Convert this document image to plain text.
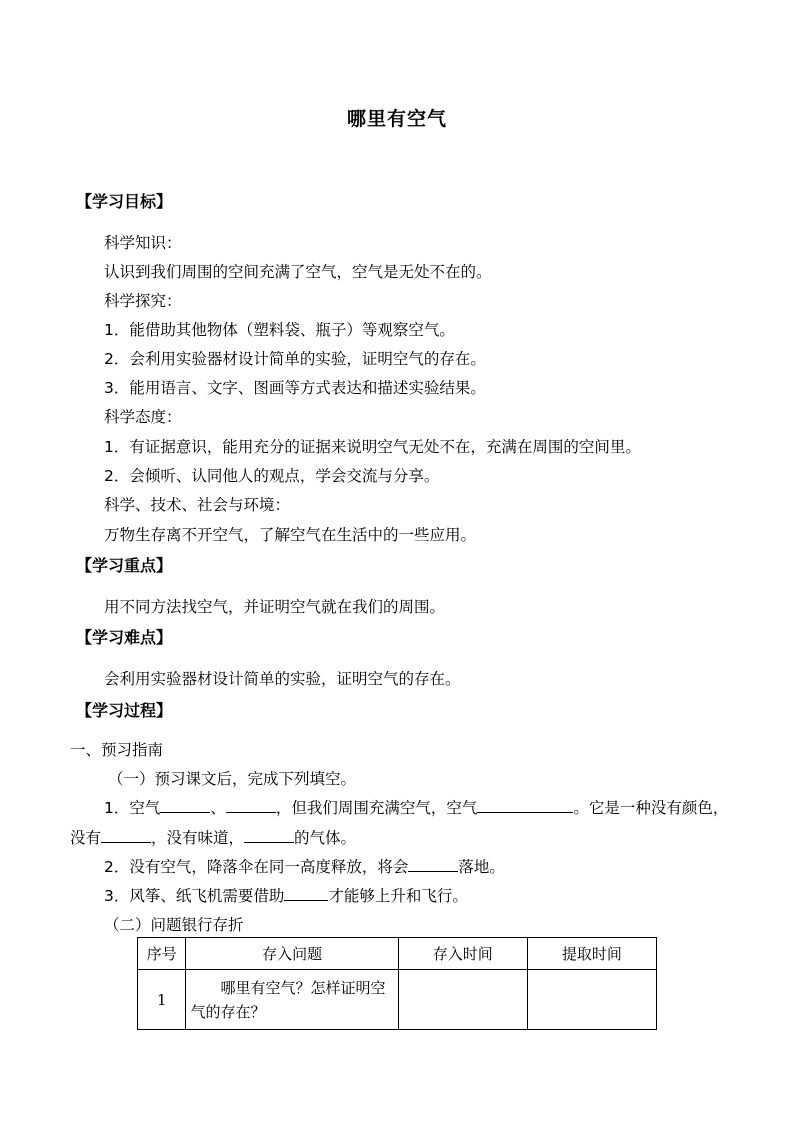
哪里有空气
【学习目标】
科学知识：
认识到我们周围的空间充满了空气，空气是无处不在的。
科学探究：
1．能借助其他物体（塑料袋、瓶子）等观察空气。
2．会利用实验器材设计简单的实验，证明空气的存在。
3．能用语言、文字、图画等方式表达和描述实验结果。
科学态度：
1．有证据意识，能用充分的证据来说明空气无处不在，充满在周围的空间里。
2．会倾听、认同他人的观点，学会交流与分享。
科学、技术、社会与环境：
万物生存离不开空气，了解空气在生活中的一些应用。
【学习重点】
用不同方法找空气，并证明空气就在我们的周围。
【学习难点】
会利用实验器材设计简单的实验，证明空气的存在。
【学习过程】
一、预习指南
（一）预习课文后，完成下列填空。
1．空气	、	，但我们周围充满空气，空气	。它是一种没有颜色，
没有	，没有味道，	的气体。
2．没有空气，降落伞在同一高度释放，将会	落地。
3．风筝、纸飞机需要借助	才能够上升和飞行。
（二）问题银行存折
序号	存入问题	存入时间	提取时间
1	哪里有空气？怎样证明空气的存在？		
